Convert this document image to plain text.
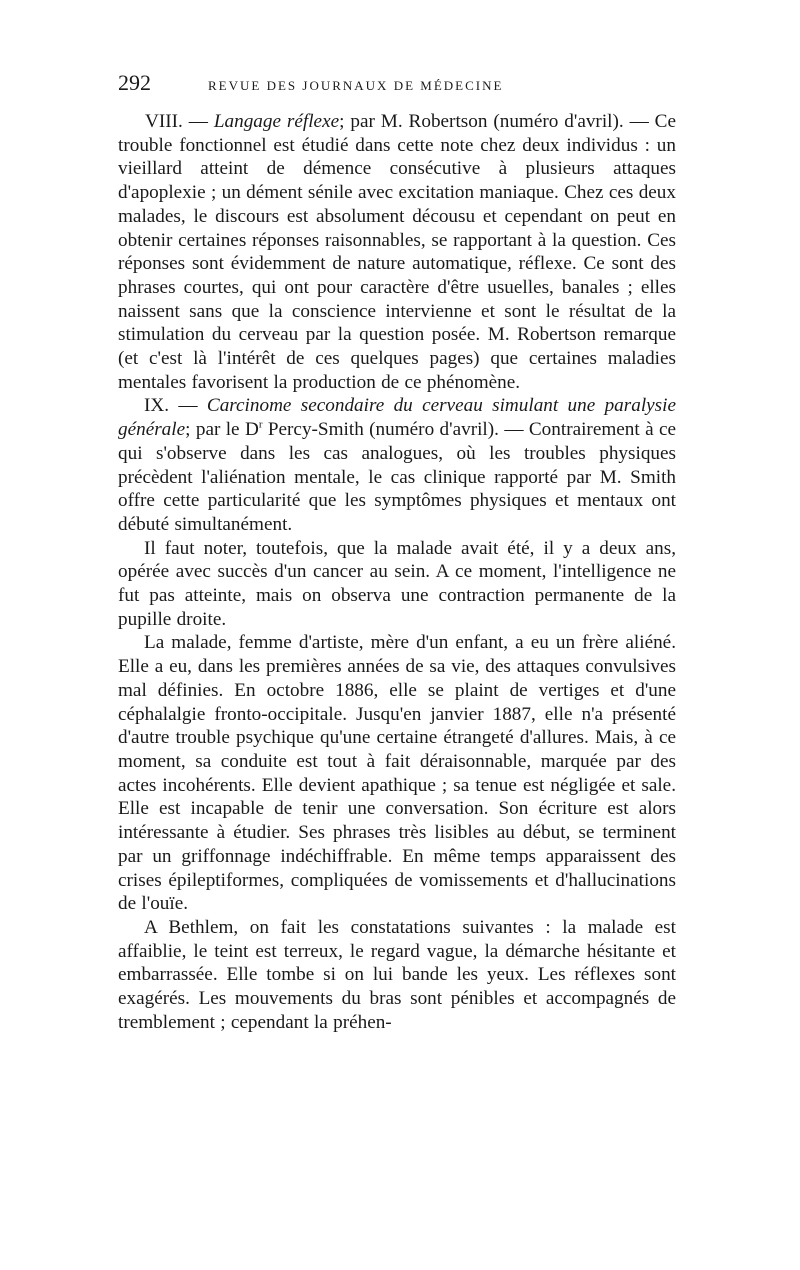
292	REVUE DES JOURNAUX DE MÉDECINE

VIII. — Langage réflexe; par M. Robertson (numéro d'avril). — Ce trouble fonctionnel est étudié dans cette note chez deux individus : un vieillard atteint de démence consécutive à plusieurs attaques d'apoplexie ; un dément sénile avec excitation maniaque. Chez ces deux malades, le discours est absolument décousu et cependant on peut en obtenir certaines réponses raisonnables, se rapportant à la question. Ces réponses sont évidemment de nature automatique, réflexe. Ce sont des phrases courtes, qui ont pour caractère d'être usuelles, banales ; elles naissent sans que la conscience intervienne et sont le résultat de la stimulation du cerveau par la question posée. M. Robertson remarque (et c'est là l'intérêt de ces quelques pages) que certaines maladies mentales favorisent la production de ce phénomène.

IX. — Carcinome secondaire du cerveau simulant une paralysie générale; par le $D^r$ Percy-Smith (numéro d'avril). — Contrairement à ce qui s'observe dans les cas analogues, où les troubles physiques précèdent l'aliénation mentale, le cas clinique rapporté par M. Smith offre cette particularité que les symptômes physiques et mentaux ont débuté simultanément.

Il faut noter, toutefois, que la malade avait été, il y a deux ans, opérée avec succès d'un cancer au sein. A ce moment, l'intelligence ne fut pas atteinte, mais on observa une contraction permanente de la pupille droite.

La malade, femme d'artiste, mère d'un enfant, a eu un frère aliéné. Elle a eu, dans les premières années de sa vie, des attaques convulsives mal définies. En octobre 1886, elle se plaint de vertiges et d'une céphalalgie fronto-occipitale. Jusqu'en janvier 1887, elle n'a présenté d'autre trouble psychique qu'une certaine étrangeté d'allures. Mais, à ce moment, sa conduite est tout à fait déraisonnable, marquée par des actes incohérents. Elle devient apathique ; sa tenue est négligée et sale. Elle est incapable de tenir une conversation. Son écriture est alors intéressante à étudier. Ses phrases très lisibles au début, se terminent par un griffonnage indéchiffrable. En même temps apparaissent des crises épileptiformes, compliquées de vomissements et d'hallucinations de l'ouïe.

A Bethlem, on fait les constatations suivantes : la malade est affaiblie, le teint est terreux, le regard vague, la démarche hésitante et embarrassée. Elle tombe si on lui bande les yeux. Les réflexes sont exagérés. Les mouvements du bras sont pénibles et accompagnés de tremblement ; cependant la préhen-
